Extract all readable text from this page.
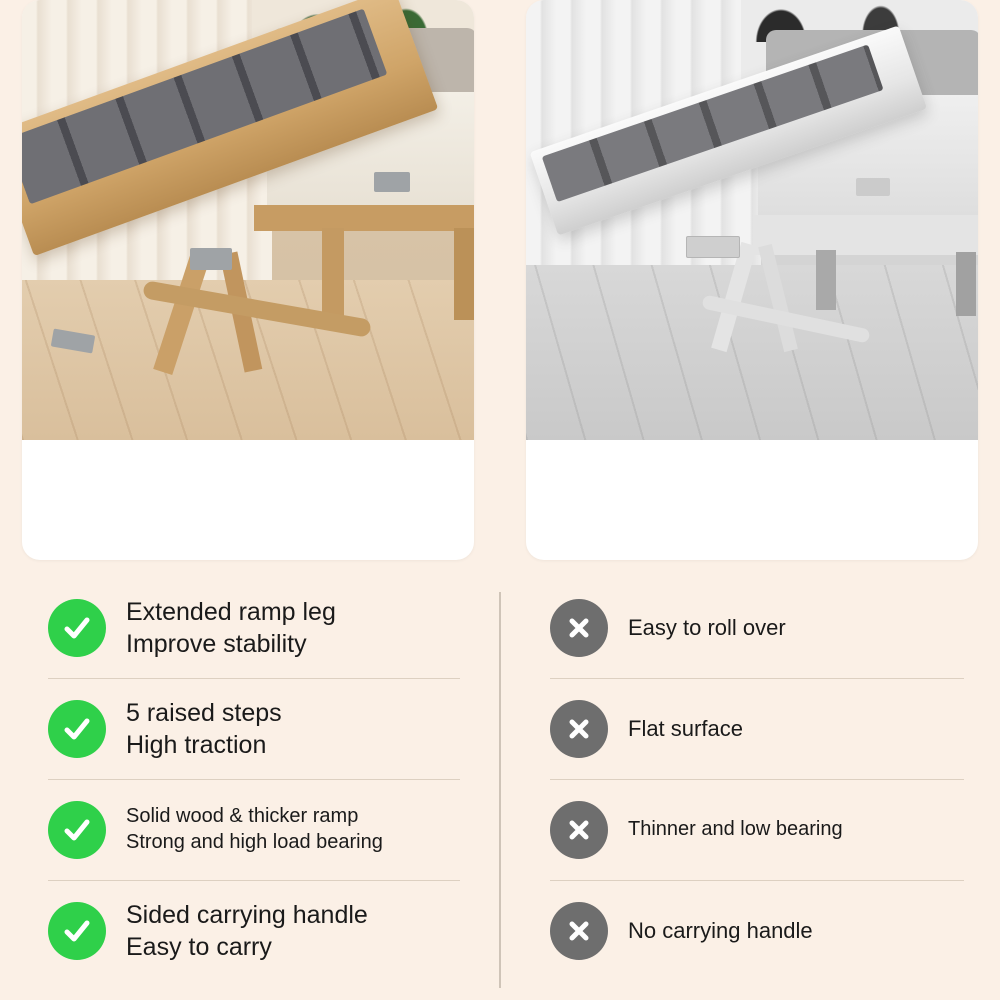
Extended ramp leg
Improve stability
5 raised steps
High traction
Solid wood & thicker ramp
Strong and high load bearing
Sided carrying handle
Easy to carry
Easy to roll over
Flat surface
Thinner and low bearing
No carrying handle
